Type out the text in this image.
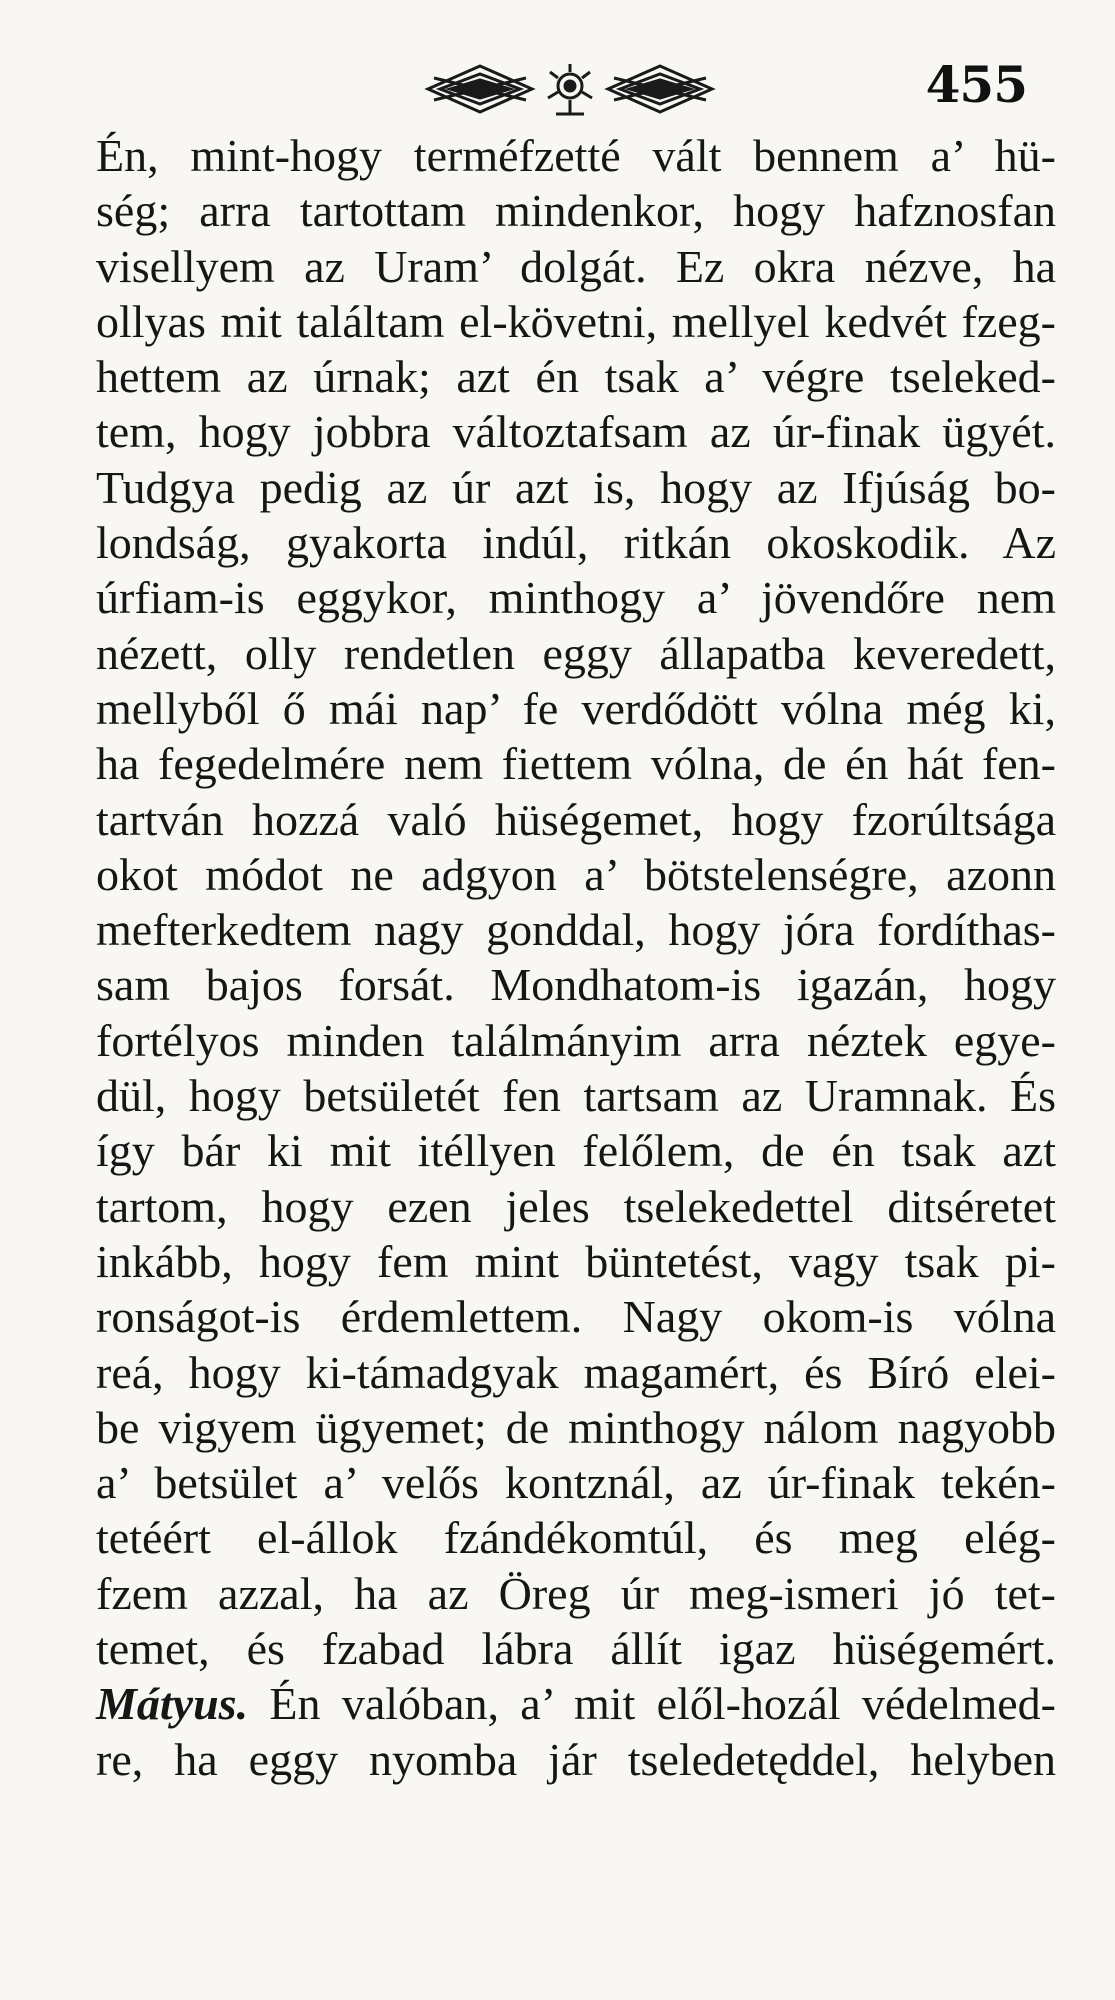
455
Én, mint-hogy terméfzetté vált bennem a’ hü-
ség; arra tartottam mindenkor, hogy hafznosfan
visellyem az Uram’ dolgát. Ez okra nézve, ha
ollyas mit találtam el-követni, mellyel kedvét fzeg-
hettem az úrnak; azt én tsak a’ végre tseleked-
tem, hogy jobbra változtafsam az úr-finak ügyét.
Tudgya pedig az úr azt is, hogy az Ifjúság bo-
londság, gyakorta indúl, ritkán okoskodik. Az
úrfiam-is eggykor, minthogy a’ jövendőre nem
nézett, olly rendetlen eggy állapatba keveredett,
mellyből ő mái nap’ fe verdődött vólna még ki,
ha fegedelmére nem fiettem vólna, de én hát fen-
tartván hozzá való hüségemet, hogy fzorúltsága
okot módot ne adgyon a’ bötstelenségre, azonn
mefterkedtem nagy gonddal, hogy jóra fordíthas-
sam bajos forsát. Mondhatom-is igazán, hogy
fortélyos minden találmányim arra néztek egye-
dül, hogy betsületét fen tartsam az Uramnak. És
így bár ki mit itéllyen felőlem, de én tsak azt
tartom, hogy ezen jeles tselekedettel ditséretet
inkább, hogy fem mint büntetést, vagy tsak pi-
ronságot-is érdemlettem. Nagy okom-is vólna
reá, hogy ki-támadgyak magamért, és Bíró elei-
be vigyem ügyemet; de minthogy nálom nagyobb
a’ betsület a’ velős kontznál, az úr-finak tekén-
tetéért el-állok fzándékomtúl, és meg elég-
fzem azzal, ha az Öreg úr meg-ismeri jó tet-
temet, és fzabad lábra állít igaz hüségemért.
Mátyus. Én valóban, a’ mit elől-hozál védelmed-
re, ha eggy nyomba jár tseledetęddel, helyben
